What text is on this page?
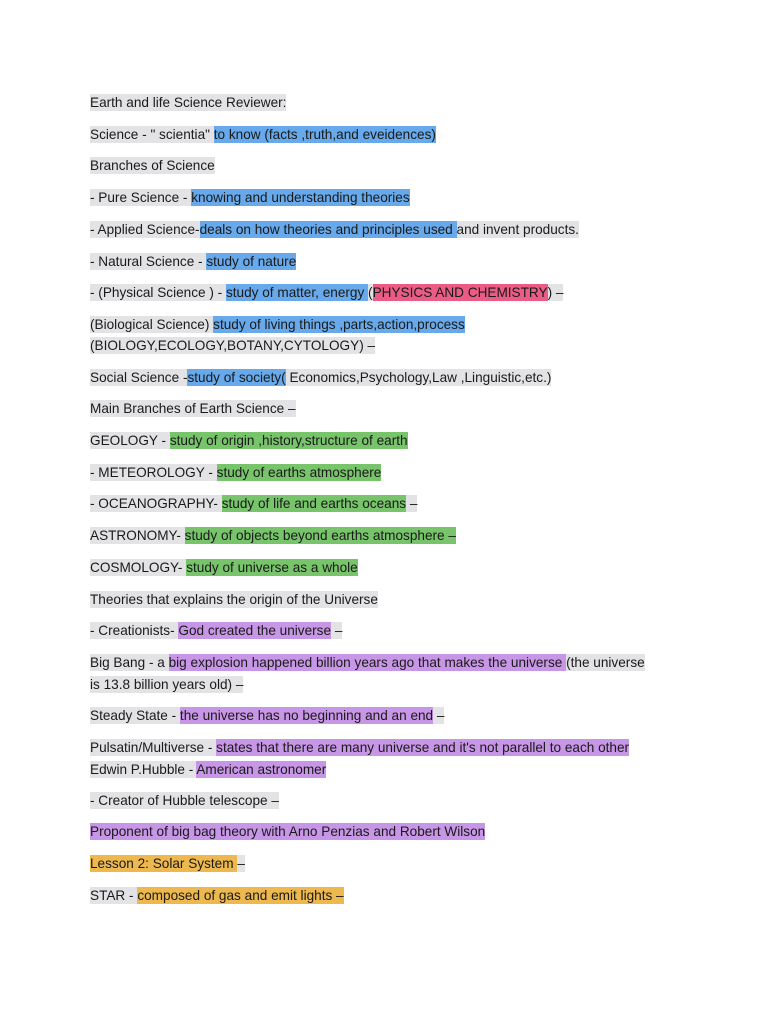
Earth and life Science Reviewer:
Science - " scientia" to know (facts ,truth,and eveidences)
Branches of Science
- Pure Science - knowing and understanding theories
- Applied Science-deals on how theories and principles used and invent products.
- Natural Science - study of nature
- (Physical Science ) - study of matter, energy (PHYSICS AND CHEMISTRY) –
(Biological Science) study of living things ,parts,action,process
(BIOLOGY,ECOLOGY,BOTANY,CYTOLOGY) –
Social Science -study of society( Economics,Psychology,Law ,Linguistic,etc.)
Main Branches of Earth Science –
GEOLOGY - study of origin ,history,structure of earth
- METEOROLOGY - study of earths atmosphere
- OCEANOGRAPHY- study of life and earths oceans –
ASTRONOMY- study of objects beyond earths atmosphere –
COSMOLOGY- study of universe as a whole
Theories that explains the origin of the Universe
- Creationists- God created the universe –
Big Bang - a big explosion happened billion years ago that makes the universe (the universe
is 13.8 billion years old) –
Steady State - the universe has no beginning and an end –
Pulsatin/Multiverse - states that there are many universe and it's not parallel to each other
Edwin P.Hubble - American astronomer
- Creator of Hubble telescope –
Proponent of big bag theory with Arno Penzias and Robert Wilson
Lesson 2: Solar System –
STAR - composed of gas and emit lights –
